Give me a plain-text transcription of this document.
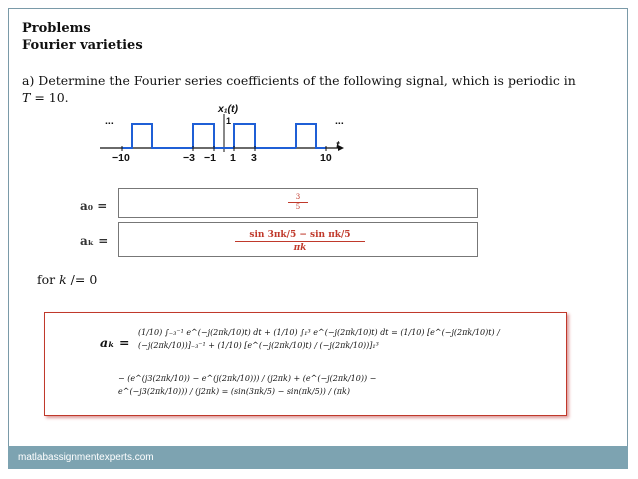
Problems
Fourier varieties
a) Determine the Fourier series coefficients of the following signal, which is periodic in
T = 10.
x₁(t)
1
...	...
t
−10	−3 −1 1 3	10
a₀ =	$\frac{3}{5}$
aₖ =	$\frac{\text{sin 3πk/5 − sin πk/5}}{\pi k}$
for k /= 0
aₖ =
(1/10) ∫₋₃⁻¹ e^(−j(2πk/10)t) dt + (1/10) ∫₁³ e^(−j(2πk/10)t) dt = (1/10) [e^(−j(2πk/10)t) / (−j(2πk/10))]₋₃⁻¹ + (1/10) [e^(−j(2πk/10)t) / (−j(2πk/10))]₁³
− (e^(j3(2πk/10)) − e^(j(2πk/10))) / (j2πk) + (e^(−j(2πk/10)) − e^(−j3(2πk/10))) / (j2πk) = (sin(3πk/5) − sin(πk/5)) / (πk)
matlabassignmentexperts.com
